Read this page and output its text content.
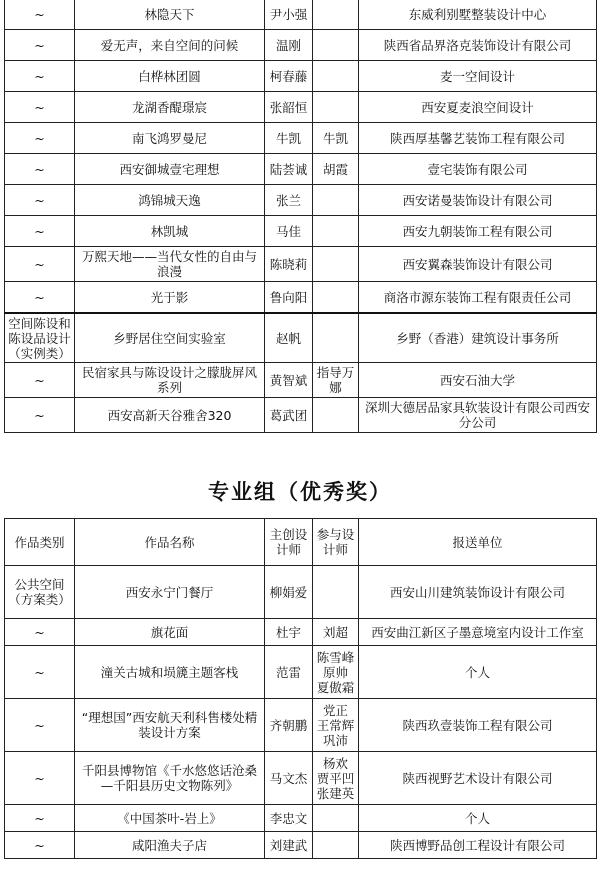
~	林隐天下	尹小强		东威利别墅整装设计中心
~	爱无声，来自空间的问候	温刚		陕西省品界洛克装饰设计有限公司
~	白桦林团圆	柯春藤		麦一空间设计
~	龙湖香醍璟宸	张韶恒		西安夏麦浪空间设计
~	南飞鸿罗曼尼	牛凯	牛凯	陕西厚基馨艺装饰工程有限公司
~	西安御城壹宅理想	陆荟诚	胡霞	壹宅装饰有限公司
~	鸿锦城天逸	张兰		西安诺曼装饰设计有限公司
~	林凯城	马佳		西安九朝装饰工程有限公司
~	万熙天地——当代女性的自由与浪漫	陈晓莉		西安翼森装饰设计有限公司
~	光于影	鲁向阳		商洛市源东装饰工程有限责任公司
空间陈设和陈设品设计（实例类）	乡野居住空间实验室	赵帆		乡野（香港）建筑设计事务所
~	民宿家具与陈设设计之朦胧屏风系列	黄智斌	指导万娜	西安石油大学
~	西安高新天谷雅舍320	葛武团		深圳大德居品家具软装设计有限公司西安分公司
专业组（优秀奖）
作品类别	作品名称	主创设计师	参与设计师	报送单位
公共空间（方案类）	西安永宁门餐厅	柳娟爱		西安山川建筑装饰设计有限公司
~	旗花面	杜宇	刘超	西安曲江新区子墨意境室内设计工作室
~	潼关古城和埙篪主题客栈	范雷	陈雪峰 原帅 夏傲霜	个人
~	“理想国”西安航天利科售楼处精装设计方案	齐朝鹏	党正 王常辉 巩沛	陕西玖壹装饰工程有限公司
~	千阳县博物馆《千水悠悠话沧桑—千阳县历史文物陈列》	马文杰	杨欢 贾平凹 张建英	陕西视野艺术设计有限公司
~	《中国茶叶-岩上》	李忠文		个人
~	咸阳渔夫子店	刘建武		陕西博野品创工程设计有限公司
